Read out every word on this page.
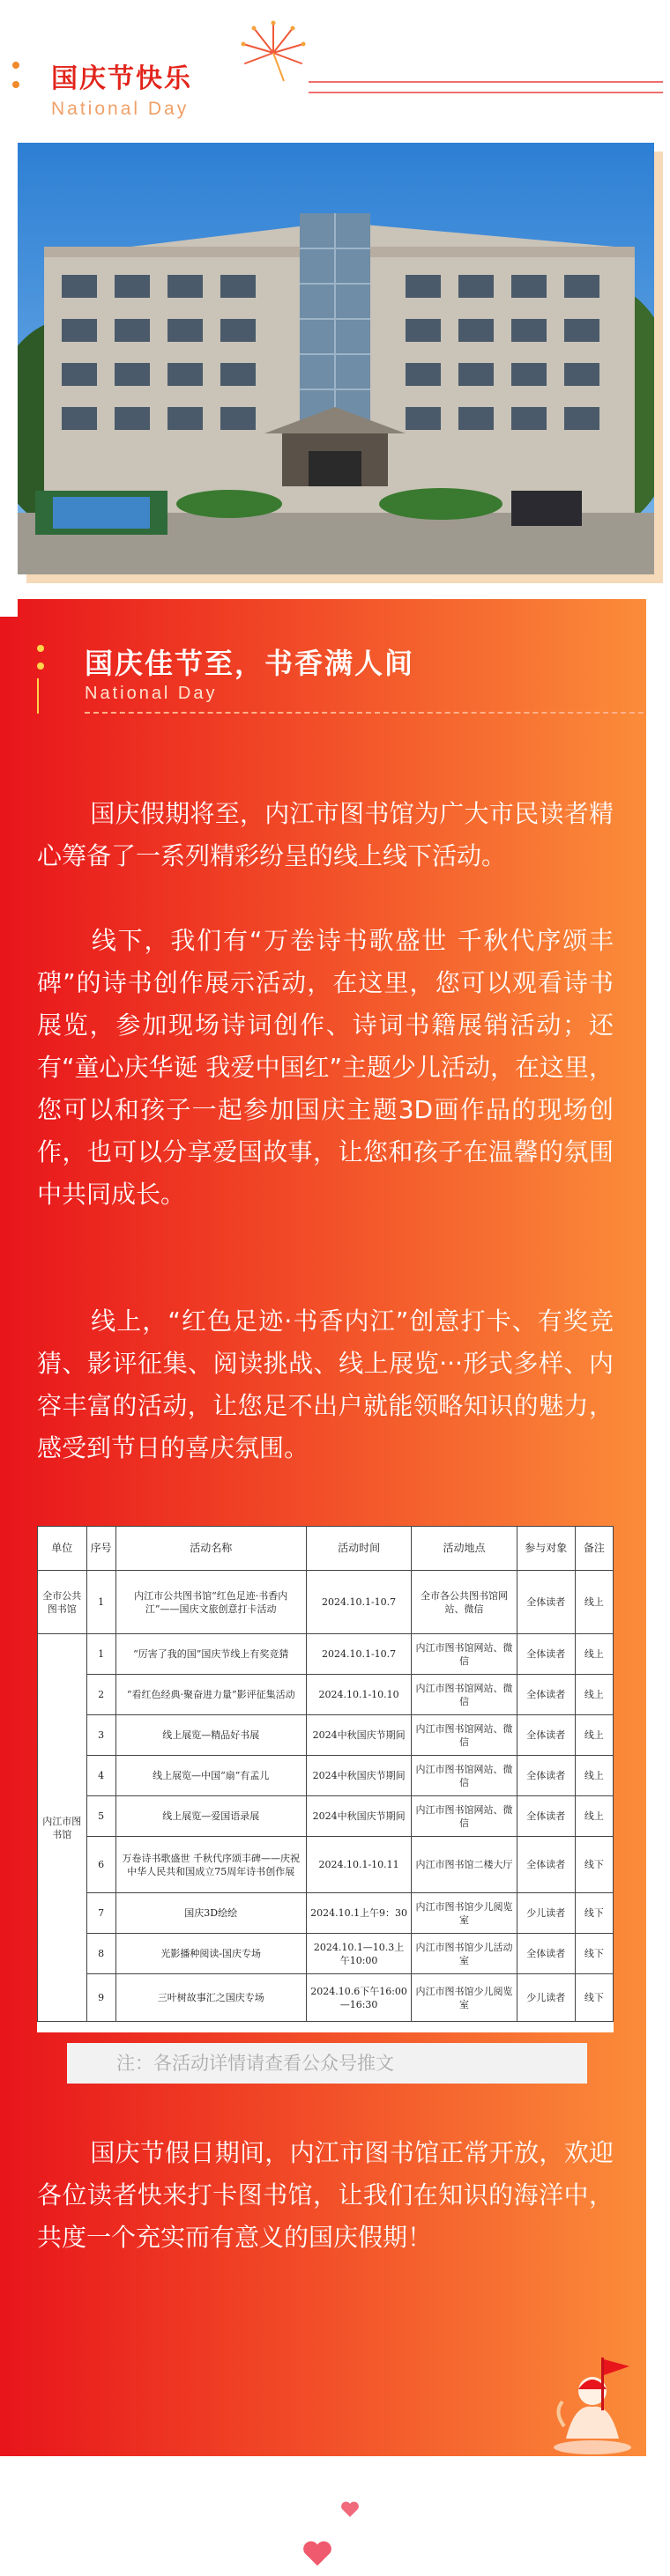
国庆节快乐
National Day
国庆佳节至，书香满人间
National Day
国庆假期将至，内江市图书馆为广大市民读者精心筹备了一系列精彩纷呈的线上线下活动。
线下，我们有“万卷诗书歌盛世 千秋代序颂丰碑”的诗书创作展示活动，在这里，您可以观看诗书展览，参加现场诗词创作、诗词书籍展销活动；还有“童心庆华诞 我爱中国红”主题少儿活动，在这里，您可以和孩子一起参加国庆主题3D画作品的现场创作，也可以分享爱国故事，让您和孩子在温馨的氛围中共同成长。
线上，“红色足迹·书香内江”创意打卡、有奖竞猜、影评征集、阅读挑战、线上展览···形式多样、内容丰富的活动，让您足不出户就能领略知识的魅力，感受到节日的喜庆氛围。
单位	序号	活动名称	活动时间	活动地点	参与对象	备注
全市公共图书馆	1	内江市公共图书馆“红色足迹·书香内江”——国庆文旅创意打卡活动	2024.10.1-10.7	全市各公共图书馆网站、微信	全体读者	线上
内江市图书馆	1	“厉害了我的国”国庆节线上有奖竞猜	2024.10.1-10.7	内江市图书馆网站、微信	全体读者	线上
	2	“看红色经典·聚奋进力量”影评征集活动	2024.10.1-10.10	内江市图书馆网站、微信	全体读者	线上
	3	线上展览—精品好书展	2024中秋国庆节期间	内江市图书馆网站、微信	全体读者	线上
	4	线上展览—中国“扇”有孟儿	2024中秋国庆节期间	内江市图书馆网站、微信	全体读者	线上
	5	线上展览—爱国语录展	2024中秋国庆节期间	内江市图书馆网站、微信	全体读者	线上
	6	万卷诗书歌盛世 千秋代序颂丰碑——庆祝中华人民共和国成立75周年诗书创作展	2024.10.1-10.11	内江市图书馆二楼大厅	全体读者	线下
	7	国庆3D绘绘	2024.10.1上午9：30	内江市图书馆少儿阅览室	少儿读者	线下
	8	光影播种阅读-国庆专场	2024.10.1—10.3上午10:00	内江市图书馆少儿活动室	全体读者	线下
	9	三叶树故事汇之国庆专场	2024.10.6下午16:00—16:30	内江市图书馆少儿阅览室	少儿读者	线下
注：各活动详情请查看公众号推文
国庆节假日期间，内江市图书馆正常开放，欢迎各位读者快来打卡图书馆，让我们在知识的海洋中，共度一个充实而有意义的国庆假期！
